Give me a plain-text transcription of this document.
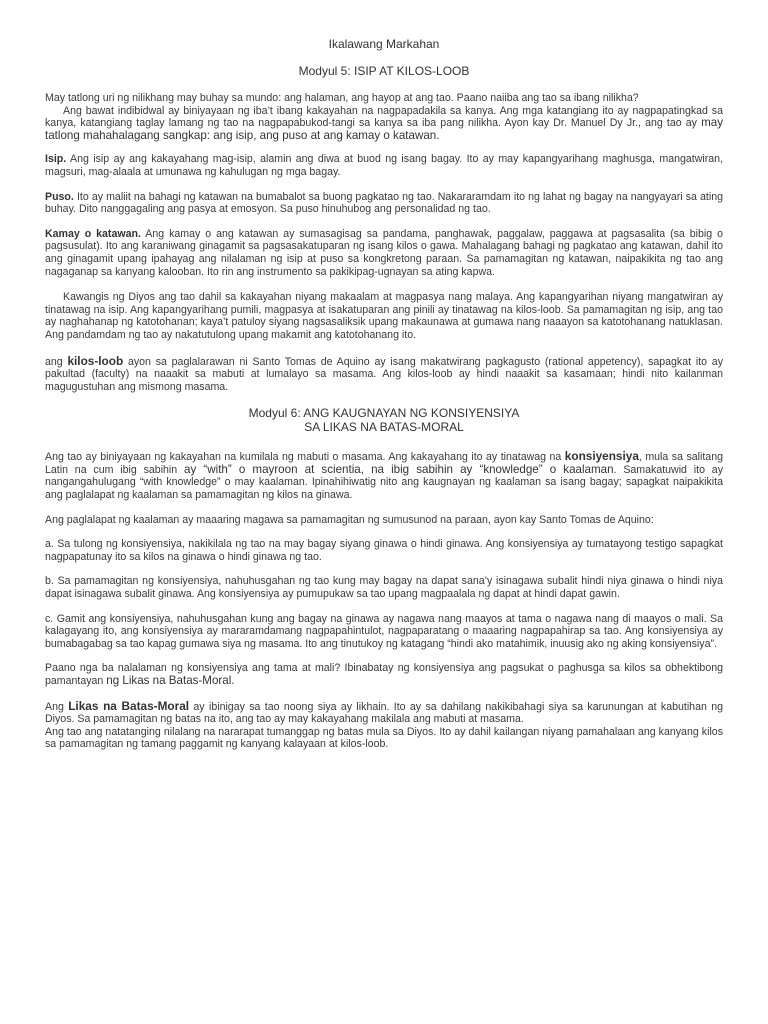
Ikalawang Markahan
Modyul 5: ISIP AT KILOS-LOOB

May tatlong uri ng nilikhang may buhay sa mundo: ang halaman, ang hayop at ang tao. Paano naiiba ang tao sa ibang nilikha?

Ang bawat indibidwal ay biniyayaan ng iba’t ibang kakayahan na nagpapadakila sa kanya. Ang mga katangiang ito ay nagpapatingkad sa kanya, katangiang taglay lamang ng tao na nagpapabukod-tangi sa kanya sa iba pang nilikha. Ayon kay Dr. Manuel Dy Jr., ang tao ay may tatlong mahahalagang sangkap: ang isip, ang puso at ang kamay o katawan.

Isip. Ang isip ay ang kakayahang mag-isip, alamin ang diwa at buod ng isang bagay. Ito ay may kapangyarihang maghusga, mangatwiran, magsuri, mag-alaala at umunawa ng kahulugan ng mga bagay.

Puso. Ito ay maliit na bahagi ng katawan na bumabalot sa buong pagkatao ng tao. Nakararamdam ito ng lahat ng bagay na nangyayari sa ating buhay. Dito nanggagaling ang pasya at emosyon. Sa puso hinuhubog ang personalidad ng tao.

Kamay o katawan. Ang kamay o ang katawan ay sumasagisag sa pandama, panghawak, paggalaw, paggawa at pagsasalita (sa bibig o pagsusulat). Ito ang karaniwang ginagamit sa pagsasakatuparan ng isang kilos o gawa. Mahalagang bahagi ng pagkatao ang katawan, dahil ito ang ginagamit upang ipahayag ang nilalaman ng isip at puso sa kongkretong paraan. Sa pamamagitan ng katawan, naipakikita ng tao ang nagaganap sa kanyang kalooban. Ito rin ang instrumento sa pakikipag-ugnayan sa ating kapwa.

Kawangis ng Diyos ang tao dahil sa kakayahan niyang makaalam at magpasya nang malaya. Ang kapangyarihan niyang mangatwiran ay tinatawag na isip. Ang kapangyarihang pumili, magpasya at isakatuparan ang pinili ay tinatawag na kilos-loob. Sa pamamagitan ng isip, ang tao ay naghahanap ng katotohanan; kaya’t patuloy siyang nagsasaliksik upang makaunawa at gumawa nang naaayon sa katotohanang natuklasan. Ang pandamdam ng tao ay nakatutulong upang makamit ang katotohanang ito.

ang kilos-loob ayon sa paglalarawan ni Santo Tomas de Aquino ay isang makatwirang pagkagusto (rational appetency), sapagkat ito ay pakultad (faculty) na naaakit sa mabuti at lumalayo sa masama. Ang kilos-loob ay hindi naaakit sa kasamaan; hindi nito kailanman magugustuhan ang mismong masama.

Modyul 6: ANG KAUGNAYAN NG KONSIYENSIYA
SA LIKAS NA BATAS-MORAL

Ang tao ay biniyayaan ng kakayahan na kumilala ng mabuti o masama. Ang kakayahang ito ay tinatawag na konsiyensiya, mula sa salitang Latin na cum ibig sabihin ay “with” o mayroon at scientia, na ibig sabihin ay “knowledge” o kaalaman. Samakatuwid ito ay nangangahulugang “with knowledge” o may kaalaman. Ipinahihiwatig nito ang kaugnayan ng kaalaman sa isang bagay; sapagkat naipakikita ang paglalapat ng kaalaman sa pamamagitan ng kilos na ginawa.

Ang paglalapat ng kaalaman ay maaaring magawa sa pamamagitan ng sumusunod na paraan, ayon kay Santo Tomas de Aquino:

a. Sa tulong ng konsiyensiya, nakikilala ng tao na may bagay siyang ginawa o hindi ginawa. Ang konsiyensiya ay tumatayong testigo sapagkat nagpapatunay ito sa kilos na ginawa o hindi ginawa ng tao.

b. Sa pamamagitan ng konsiyensiya, nahuhusgahan ng tao kung may bagay na dapat sana’y isinagawa subalit hindi niya ginawa o hindi niya dapat isinagawa subalit ginawa. Ang konsiyensiya ay pumupukaw sa tao upang magpaalala ng dapat at hindi dapat gawin.

c. Gamit ang konsiyensiya, nahuhusgahan kung ang bagay na ginawa ay nagawa nang maayos at tama o nagawa nang di maayos o mali. Sa kalagayang ito, ang konsiyensiya ay mararamdamang nagpapahintulot, nagpaparatang o maaaring nagpapahirap sa tao. Ang konsiyensiya ay bumabagabag sa tao kapag gumawa siya ng masama. Ito ang tinutukoy ng katagang “hindi ako matahimik, inuusig ako ng aking konsiyensiya”.

Paano nga ba nalalaman ng konsiyensiya ang tama at mali? Ibinabatay ng konsiyensiya ang pagsukat o paghusga sa kilos sa obhektibong pamantayan ng Likas na Batas-Moral.

Ang Likas na Batas-Moral ay ibinigay sa tao noong siya ay likhain. Ito ay sa dahilang nakikibahagi siya sa karunungan at kabutihan ng Diyos. Sa pamamagitan ng batas na ito, ang tao ay may kakayahang makilala ang mabuti at masama.

Ang tao ang natatanging nilalang na nararapat tumanggap ng batas mula sa Diyos. Ito ay dahil kailangan niyang pamahalaan ang kanyang kilos sa pamamagitan ng tamang paggamit ng kanyang kalayaan at kilos-loob.
